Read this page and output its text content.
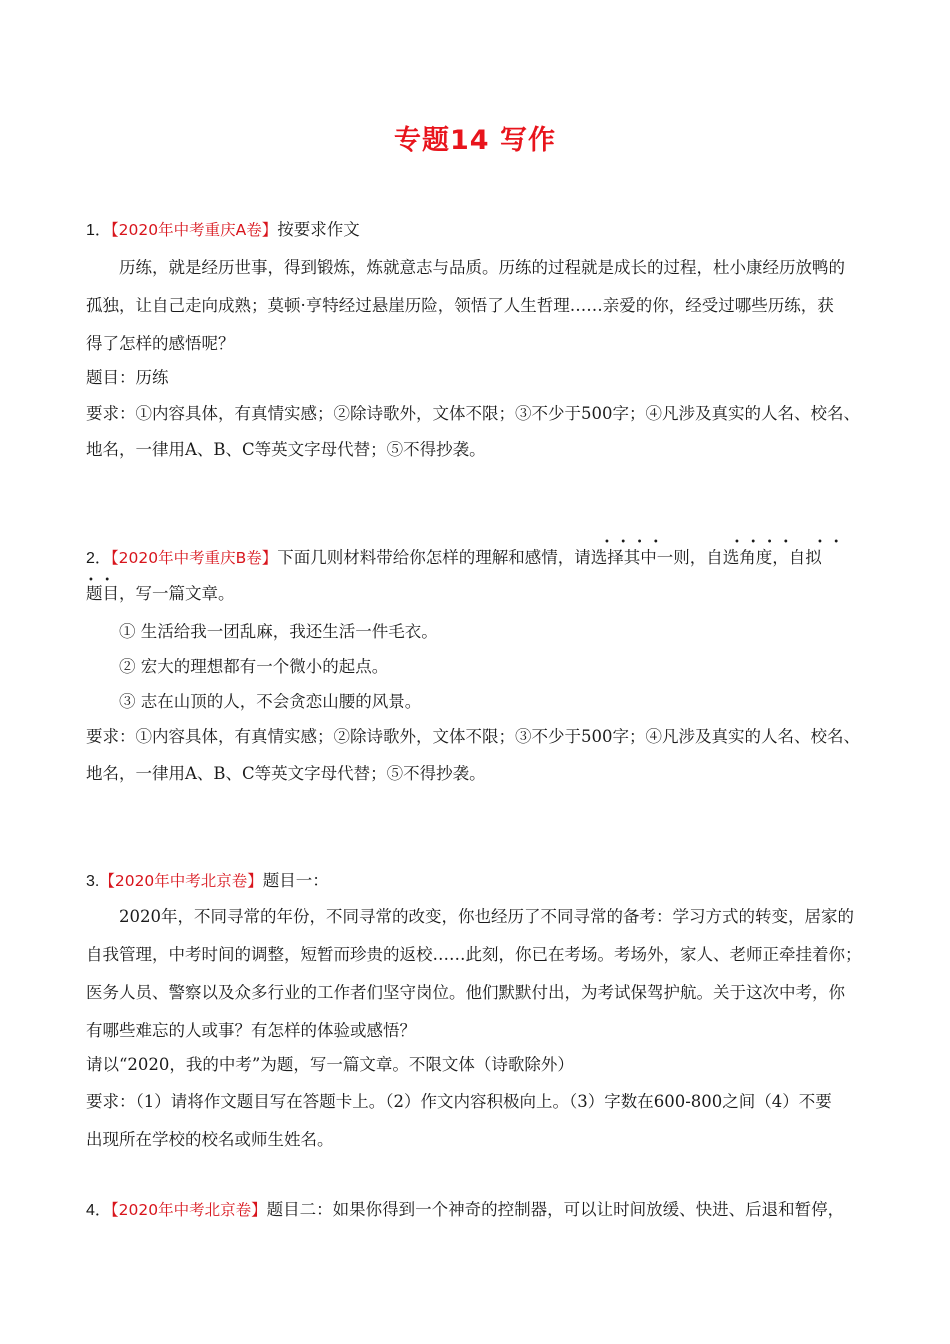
专题14 写作
1．【2020年中考重庆A卷】按要求作文
历练，就是经历世事，得到锻炼，炼就意志与品质。历练的过程就是成长的过程，杜小康经历放鸭的
孤独，让自己走向成熟；莫顿·亨特经过悬崖历险，领悟了人生哲理……亲爱的你，经受过哪些历练，获
得了怎样的感悟呢？
题目：历练
要求：①内容具体，有真情实感；②除诗歌外，文体不限；③不少于500字；④凡涉及真实的人名、校名、
地名，一律用A、B、C等英文字母代替；⑤不得抄袭。
••••	•••• ••
••
2．【2020年中考重庆B卷】下面几则材料带给你怎样的理解和感情，请选择其中一则，自选角度，自拟
题目，写一篇文章。
① 生活给我一团乱麻，我还生活一件毛衣。
② 宏大的理想都有一个微小的起点。
③ 志在山顶的人，不会贪恋山腰的风景。
要求：①内容具体，有真情实感；②除诗歌外，文体不限；③不少于500字；④凡涉及真实的人名、校名、
地名，一律用A、B、C等英文字母代替；⑤不得抄袭。
3.【2020年中考北京卷】题目一：
2020年，不同寻常的年份，不同寻常的改变，你也经历了不同寻常的备考：学习方式的转变，居家的
自我管理，中考时间的调整，短暂而珍贵的返校……此刻，你已在考场。考场外，家人、老师正牵挂着你；
医务人员、警察以及众多行业的工作者们坚守岗位。他们默默付出，为考试保驾护航。关于这次中考，你
有哪些难忘的人或事？有怎样的体验或感悟？
请以“2020，我的中考”为题，写一篇文章。不限文体（诗歌除外）
要求：（1）请将作文题目写在答题卡上。（2）作文内容积极向上。（3）字数在600-800之间（4）不要
出现所在学校的校名或师生姓名。
4．【2020年中考北京卷】题目二：如果你得到一个神奇的控制器，可以让时间放缓、快进、后退和暂停，
